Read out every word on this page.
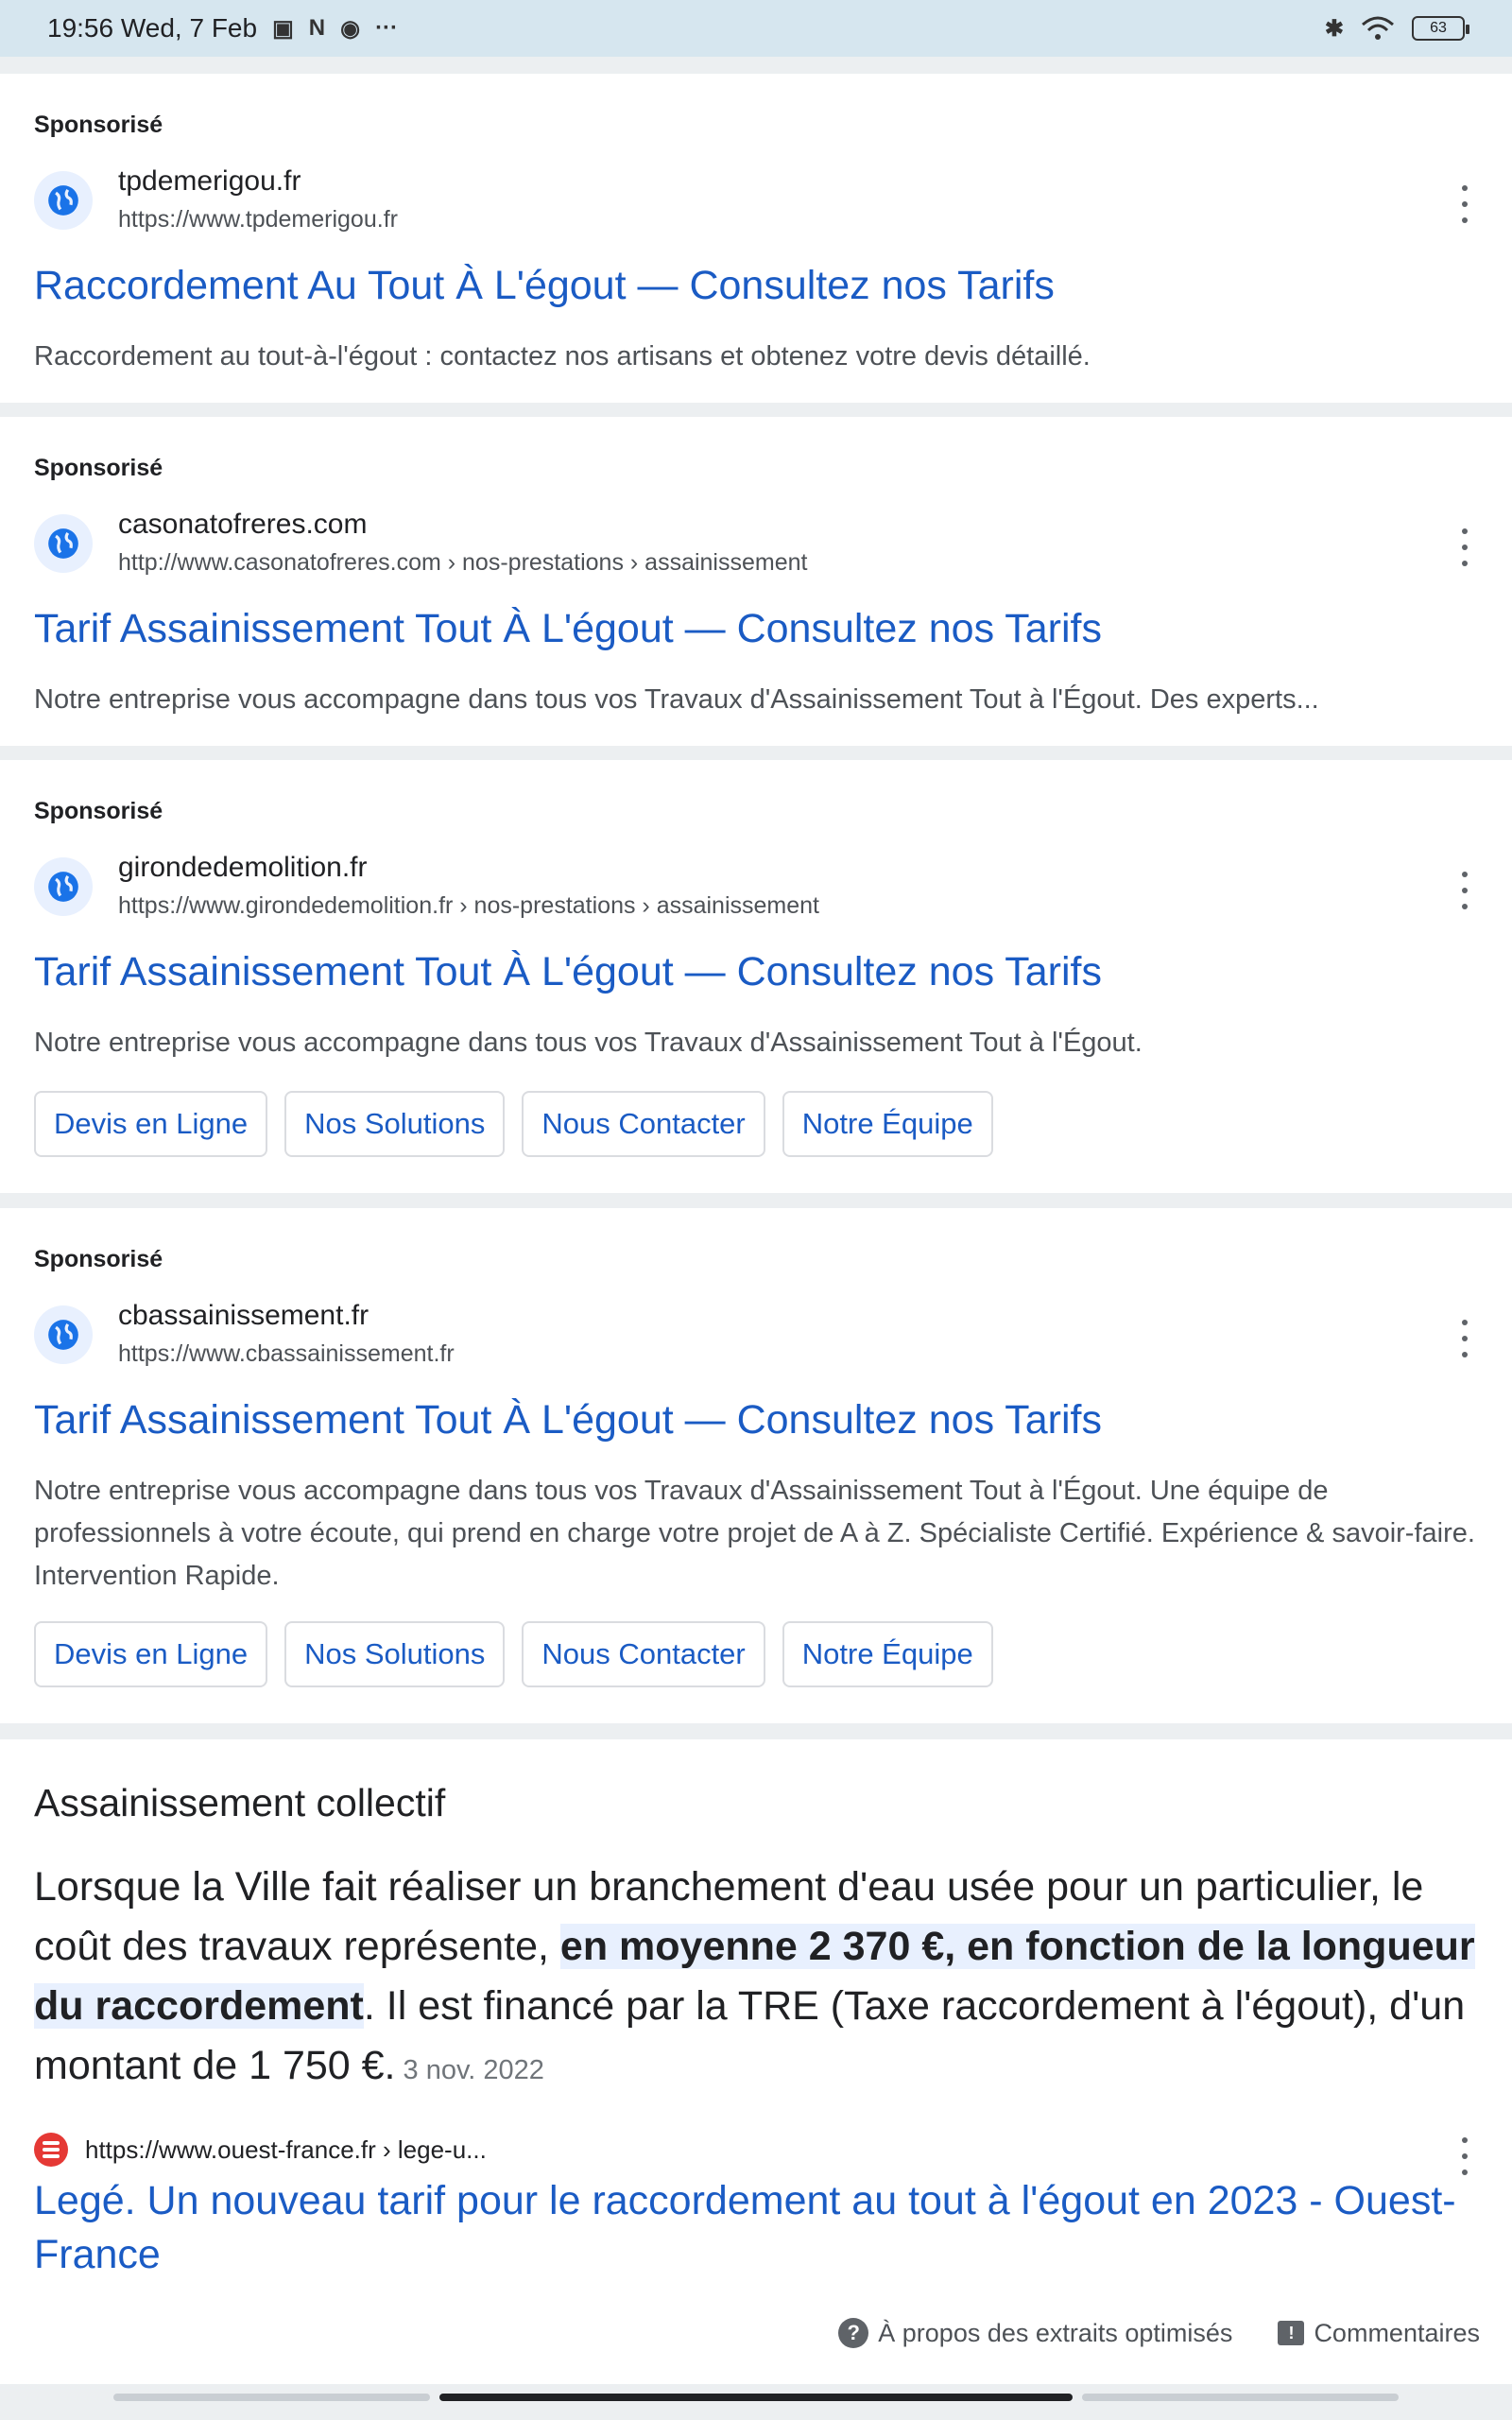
19:56 Wed, 7 Feb ▣ N ◉ ···	✱	63
Sponsorisé
tpdemerigou.fr
https://www.tpdemerigou.fr
Raccordement Au Tout À L'égout — Consultez nos Tarifs
Raccordement au tout-à-l'égout : contactez nos artisans et obtenez votre devis détaillé.
Sponsorisé
casonatofreres.com
http://www.casonatofreres.com › nos-prestations › assainissement
Tarif Assainissement Tout À L'égout — Consultez nos Tarifs
Notre entreprise vous accompagne dans tous vos Travaux d'Assainissement Tout à l'Égout. Des experts...
Sponsorisé
girondedemolition.fr
https://www.girondedemolition.fr › nos-prestations › assainissement
Tarif Assainissement Tout À L'égout — Consultez nos Tarifs
Notre entreprise vous accompagne dans tous vos Travaux d'Assainissement Tout à l'Égout.
Devis en Ligne	Nos Solutions	Nous Contacter	Notre Équipe
Sponsorisé
cbassainissement.fr
https://www.cbassainissement.fr
Tarif Assainissement Tout À L'égout — Consultez nos Tarifs
Notre entreprise vous accompagne dans tous vos Travaux d'Assainissement Tout à l'Égout. Une équipe de professionnels à votre écoute, qui prend en charge votre projet de A à Z. Spécialiste Certifié. Expérience & savoir-faire. Intervention Rapide.
Devis en Ligne	Nos Solutions	Nous Contacter	Notre Équipe
Assainissement collectif
Lorsque la Ville fait réaliser un branchement d'eau usée pour un particulier, le coût des travaux représente, en moyenne 2 370 €, en fonction de la longueur du raccordement. Il est financé par la TRE (Taxe raccordement à l'égout), d'un montant de 1 750 €. 3 nov. 2022
https://www.ouest-france.fr › lege-u...
Legé. Un nouveau tarif pour le raccordement au tout à l'égout en 2023 - Ouest-France
? À propos des extraits optimisés	! Commentaires
